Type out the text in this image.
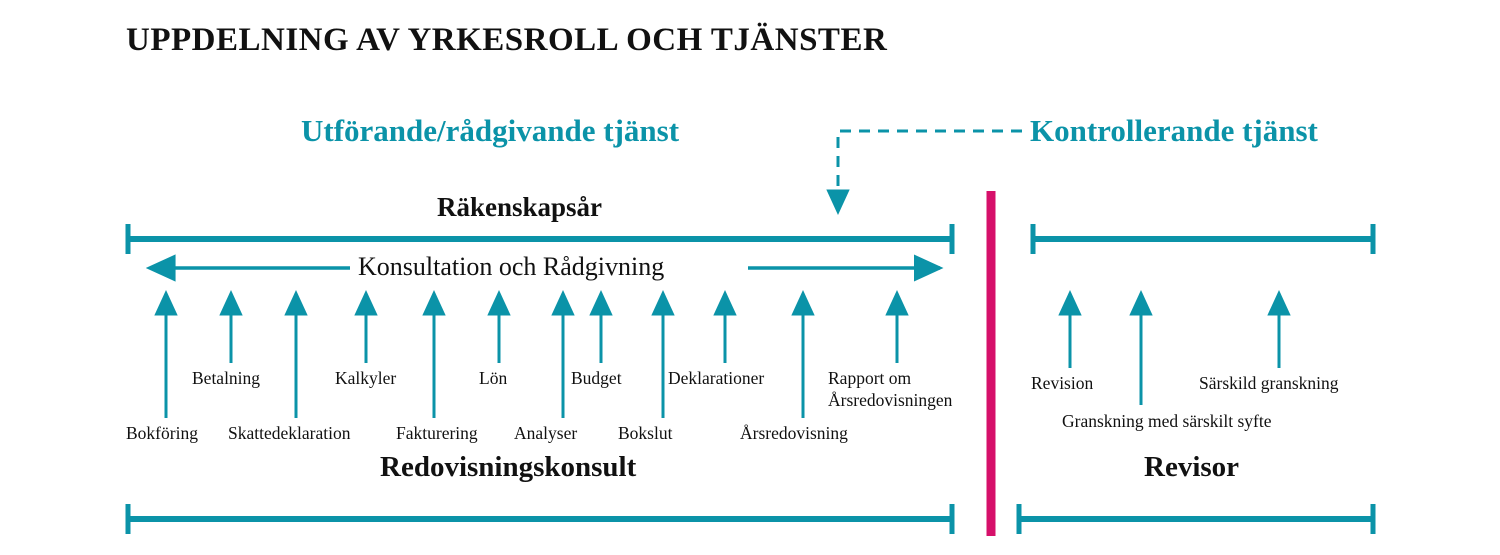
UPPDELNING AV YRKESROLL OCH TJÄNSTER
Utförande/rådgivande tjänst	Kontrollerande tjänst
Räkenskapsår
Konsultation och Rådgivning
Redovisningskonsult	Revisor
Bokföring
Betalning
Skattedeklaration
Kalkyler
Fakturering
Lön
Analyser
Budget
Bokslut
Deklarationer
Årsredovisning
Rapport om Årsredovisningen
Revision
Granskning med särskilt syfte
Särskild granskning
